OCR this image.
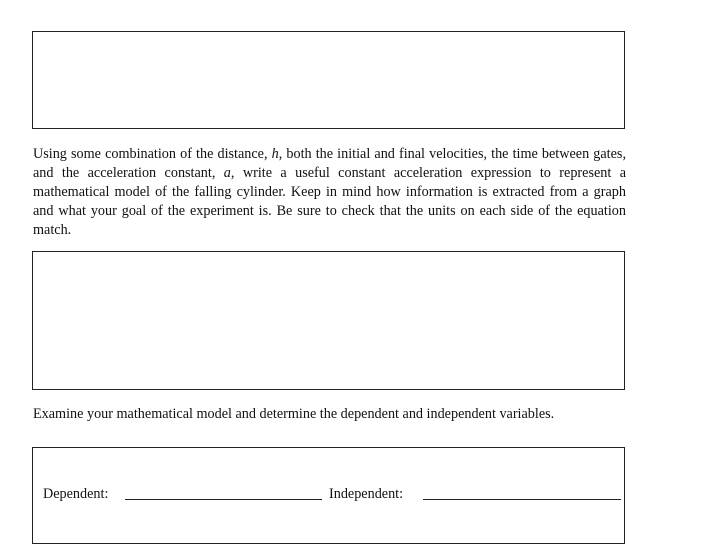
Using some combination of the distance, h, both the initial and final velocities, the time between gates, and the acceleration constant, a, write a useful constant acceleration expression to represent a mathematical model of the falling cylinder. Keep in mind how information is extracted from a graph and what your goal of the experiment is. Be sure to check that the units on each side of the equation match.

Examine your mathematical model and determine the dependent and independent variables.

Dependent:	Independent:
